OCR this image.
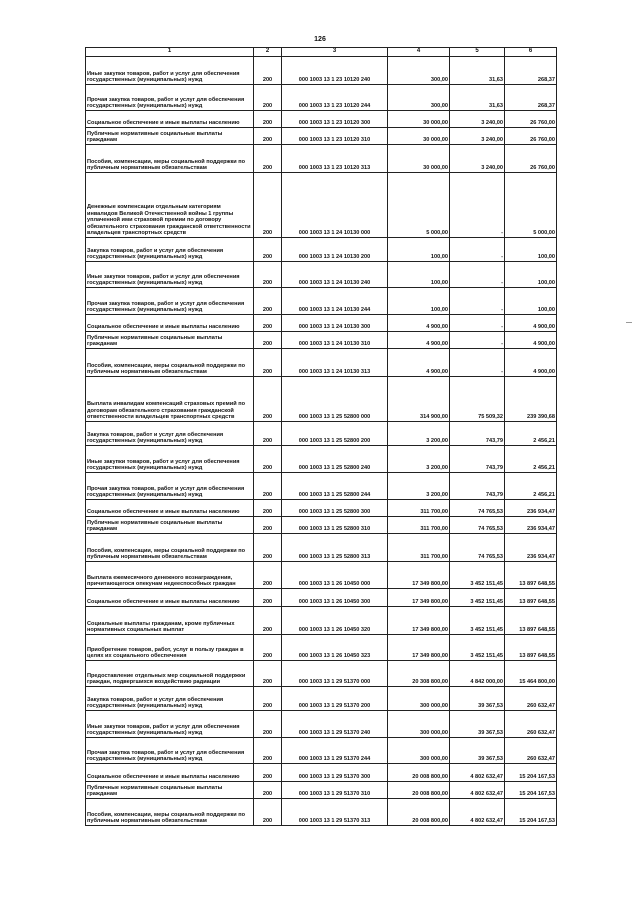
126
1	2	3	4	5	6
Иные закупки товаров, работ и услуг для обеспечения государственных (муниципальных) нужд	200	000 1003 13 1 23 10120 240	300,00	31,63	268,37
Прочая закупка товаров, работ и услуг для обеспечения государственных (муниципальных) нужд	200	000 1003 13 1 23 10120 244	300,00	31,63	268,37
Социальное обеспечение и иные выплаты населению	200	000 1003 13 1 23 10120 300	30 000,00	3 240,00	26 760,00
Публичные нормативные социальные выплаты гражданам	200	000 1003 13 1 23 10120 310	30 000,00	3 240,00	26 760,00
Пособия, компенсации, меры социальной поддержки по публичным нормативным обязательствам	200	000 1003 13 1 23 10120 313	30 000,00	3 240,00	26 760,00
Денежные компенсации отдельным категориям инвалидов Великой Отечественной войны 1 группы уплаченной ими страховой премии по договору обязательного страхования гражданской ответственности владельцев транспортных средств	200	000 1003 13 1 24 10130 000	5 000,00	-	5 000,00
Закупка товаров, работ и услуг для обеспечения государственных (муниципальных) нужд	200	000 1003 13 1 24 10130 200	100,00	-	100,00
Иные закупки товаров, работ и услуг для обеспечения государственных (муниципальных) нужд	200	000 1003 13 1 24 10130 240	100,00	-	100,00
Прочая закупка товаров, работ и услуг для обеспечения государственных (муниципальных) нужд	200	000 1003 13 1 24 10130 244	100,00	-	100,00
Социальное обеспечение и иные выплаты населению	200	000 1003 13 1 24 10130 300	4 900,00	-	4 900,00
Публичные нормативные социальные выплаты гражданам	200	000 1003 13 1 24 10130 310	4 900,00	-	4 900,00
Пособия, компенсации, меры социальной поддержки по публичным нормативным обязательствам	200	000 1003 13 1 24 10130 313	4 900,00	-	4 900,00
Выплата инвалидам компенсаций страховых премий по договорам обязательного страхования гражданской ответственности владельцев транспортных средств	200	000 1003 13 1 25 52800 000	314 900,00	75 509,32	239 390,68
Закупка товаров, работ и услуг для обеспечения государственных (муниципальных) нужд	200	000 1003 13 1 25 52800 200	3 200,00	743,79	2 456,21
Иные закупки товаров, работ и услуг для обеспечения государственных (муниципальных) нужд	200	000 1003 13 1 25 52800 240	3 200,00	743,79	2 456,21
Прочая закупка товаров, работ и услуг для обеспечения государственных (муниципальных) нужд	200	000 1003 13 1 25 52800 244	3 200,00	743,79	2 456,21
Социальное обеспечение и иные выплаты населению	200	000 1003 13 1 25 52800 300	311 700,00	74 765,53	236 934,47
Публичные нормативные социальные выплаты гражданам	200	000 1003 13 1 25 52800 310	311 700,00	74 765,53	236 934,47
Пособия, компенсации, меры социальной поддержки по публичным нормативным обязательствам	200	000 1003 13 1 25 52800 313	311 700,00	74 765,53	236 934,47
Выплата ежемесячного денежного вознаграждения, причитающегося опекунам недееспособных граждан	200	000 1003 13 1 26 10450 000	17 349 800,00	3 452 151,45	13 897 648,55
Социальное обеспечение и иные выплаты населению	200	000 1003 13 1 26 10450 300	17 349 800,00	3 452 151,45	13 897 648,55
Социальные выплаты гражданам, кроме публичных нормативных социальных выплат	200	000 1003 13 1 26 10450 320	17 349 800,00	3 452 151,45	13 897 648,55
Приобретение товаров, работ, услуг в пользу граждан в целях их социального обеспечения	200	000 1003 13 1 26 10450 323	17 349 800,00	3 452 151,45	13 897 648,55
Предоставление отдельных мер социальной поддержки граждан, подвергшихся воздействию радиации	200	000 1003 13 1 29 51370 000	20 308 800,00	4 842 000,00	15 464 800,00
Закупка товаров, работ и услуг для обеспечения государственных (муниципальных) нужд	200	000 1003 13 1 29 51370 200	300 000,00	39 367,53	260 632,47
Иные закупки товаров, работ и услуг для обеспечения государственных (муниципальных) нужд	200	000 1003 13 1 29 51370 240	300 000,00	39 367,53	260 632,47
Прочая закупка товаров, работ и услуг для обеспечения государственных (муниципальных) нужд	200	000 1003 13 1 29 51370 244	300 000,00	39 367,53	260 632,47
Социальное обеспечение и иные выплаты населению	200	000 1003 13 1 29 51370 300	20 008 800,00	4 802 632,47	15 204 167,53
Публичные нормативные социальные выплаты гражданам	200	000 1003 13 1 29 51370 310	20 008 800,00	4 802 632,47	15 204 167,53
Пособия, компенсации, меры социальной поддержки по публичным нормативным обязательствам	200	000 1003 13 1 29 51370 313	20 008 800,00	4 802 632,47	15 204 167,53
